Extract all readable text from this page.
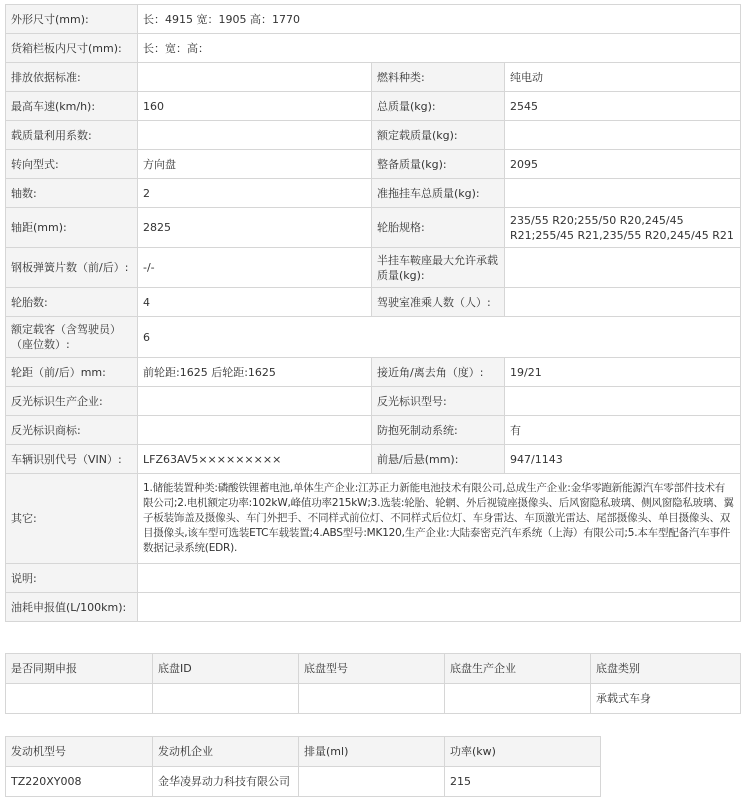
外形尺寸(mm):	长：4915 宽：1905 高：1770		
货箱栏板内尺寸(mm):	长：宽：高：		
排放依据标准:		燃料种类:	纯电动
最高车速(km/h):	160	总质量(kg):	2545
载质量利用系数:		额定载质量(kg):	
转向型式:	方向盘	整备质量(kg):	2095
轴数:	2	准拖挂车总质量(kg):	
轴距(mm):	2825	轮胎规格:	235/55 R20;255/50 R20,245/45 R21;255/45 R21,235/55 R20,245/45 R21
钢板弹簧片数（前/后）:	-/-	半挂车鞍座最大允许承载质量(kg):	
轮胎数:	4	驾驶室准乘人数（人）:	
额定载客（含驾驶员）（座位数）:	6		
轮距（前/后）mm:	前轮距:1625 后轮距:1625	接近角/离去角（度）:	19/21
反光标识生产企业:		反光标识型号:	
反光标识商标:		防抱死制动系统:	有
车辆识别代号（VIN）:	LFZ63AV5×××××××××	前悬/后悬(mm):	947/1143
其它:	1.储能装置种类:磷酸铁锂蓄电池,单体生产企业:江苏正力新能电池技术有限公司,总成生产企业:金华零跑新能源汽车零部件技术有限公司;2.电机额定功率:102kW,峰值功率215kW;3.选装:轮胎、轮辋、外后视镜座摄像头、后风窗隐私玻璃、侧风窗隐私玻璃、翼子板装饰盖及摄像头、车门外把手、不同样式前位灯、不同样式后位灯、车身雷达、车顶激光雷达、尾部摄像头、单目摄像头、双目摄像头,该车型可选装ETC车载装置;4.ABS型号:MK120,生产企业:大陆泰密克汽车系统（上海）有限公司;5.本车型配备汽车事件数据记录系统(EDR).		
说明:			
油耗申报值(L/100km):			
是否同期申报	底盘ID	底盘型号	底盘生产企业	底盘类别
				承载式车身
发动机型号	发动机企业	排量(ml)	功率(kw)
TZ220XY008	金华凌昇动力科技有限公司		215
